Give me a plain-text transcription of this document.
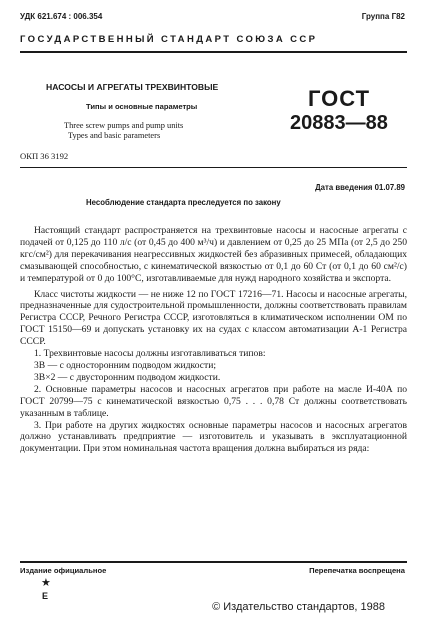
УДК 621.674 : 006.354	Группа Г82
ГОСУДАРСТВЕННЫЙ СТАНДАРТ СОЮЗА ССР
НАСОСЫ И АГРЕГАТЫ ТРЕХВИНТОВЫЕ
Типы и основные параметры
Three screw pumps and pump units
Types and basic parameters
ГОСТ
20883—88
ОКП 36 3192
Дата введения 01.07.89
Несоблюдение стандарта преследуется по закону

Настоящий стандарт распространяется на трехвинтовые насосы и насосные агрегаты с подачей от 0,125 до 110 л/с (от 0,45 до 400 м³/ч) и давлением от 0,25 до 25 МПа (от 2,5 до 250 кгс/см²) для перекачивания неагрессивных жидкостей без абразивных примесей, обладающих смазывающей способностью, с кинематической вязкостью от 0,1 до 60 Ст (от 0,1 до 60 см²/с) и температурой от 0 до 100°С, изготавливаемые для нужд народного хозяйства и экспорта.

Класс чистоты жидкости — не ниже 12 по ГОСТ 17216—71. Насосы и насосные агрегаты, предназначенные для судостроительной промышленности, должны соответствовать правилам Регистра СССР, Речного Регистра СССР, изготовляться в климатическом исполнении ОМ по ГОСТ 15150—69 и допускать установку их на судах с классом автоматизации А-1 Регистра СССР.

1. Трехвинтовые насосы должны изготавливаться типов:

3В — с односторонним подводом жидкости;

3В×2 — с двусторонним подводом жидкости.

2. Основные параметры насосов и насосных агрегатов при работе на масле И-40А по ГОСТ 20799—75 с кинематической вязкостью 0,75 . . . 0,78 Ст должны соответствовать указанным в таблице.

3. При работе на других жидкостях основные параметры насосов и насосных агрегатов должно устанавливать предприятие — изготовитель и указывать в эксплуатационной документации. При этом номинальная частота вращения должна выбираться из ряда:

Издание официальное	Перепечатка воспрещена
★
Е
© Издательство стандартов, 1988
